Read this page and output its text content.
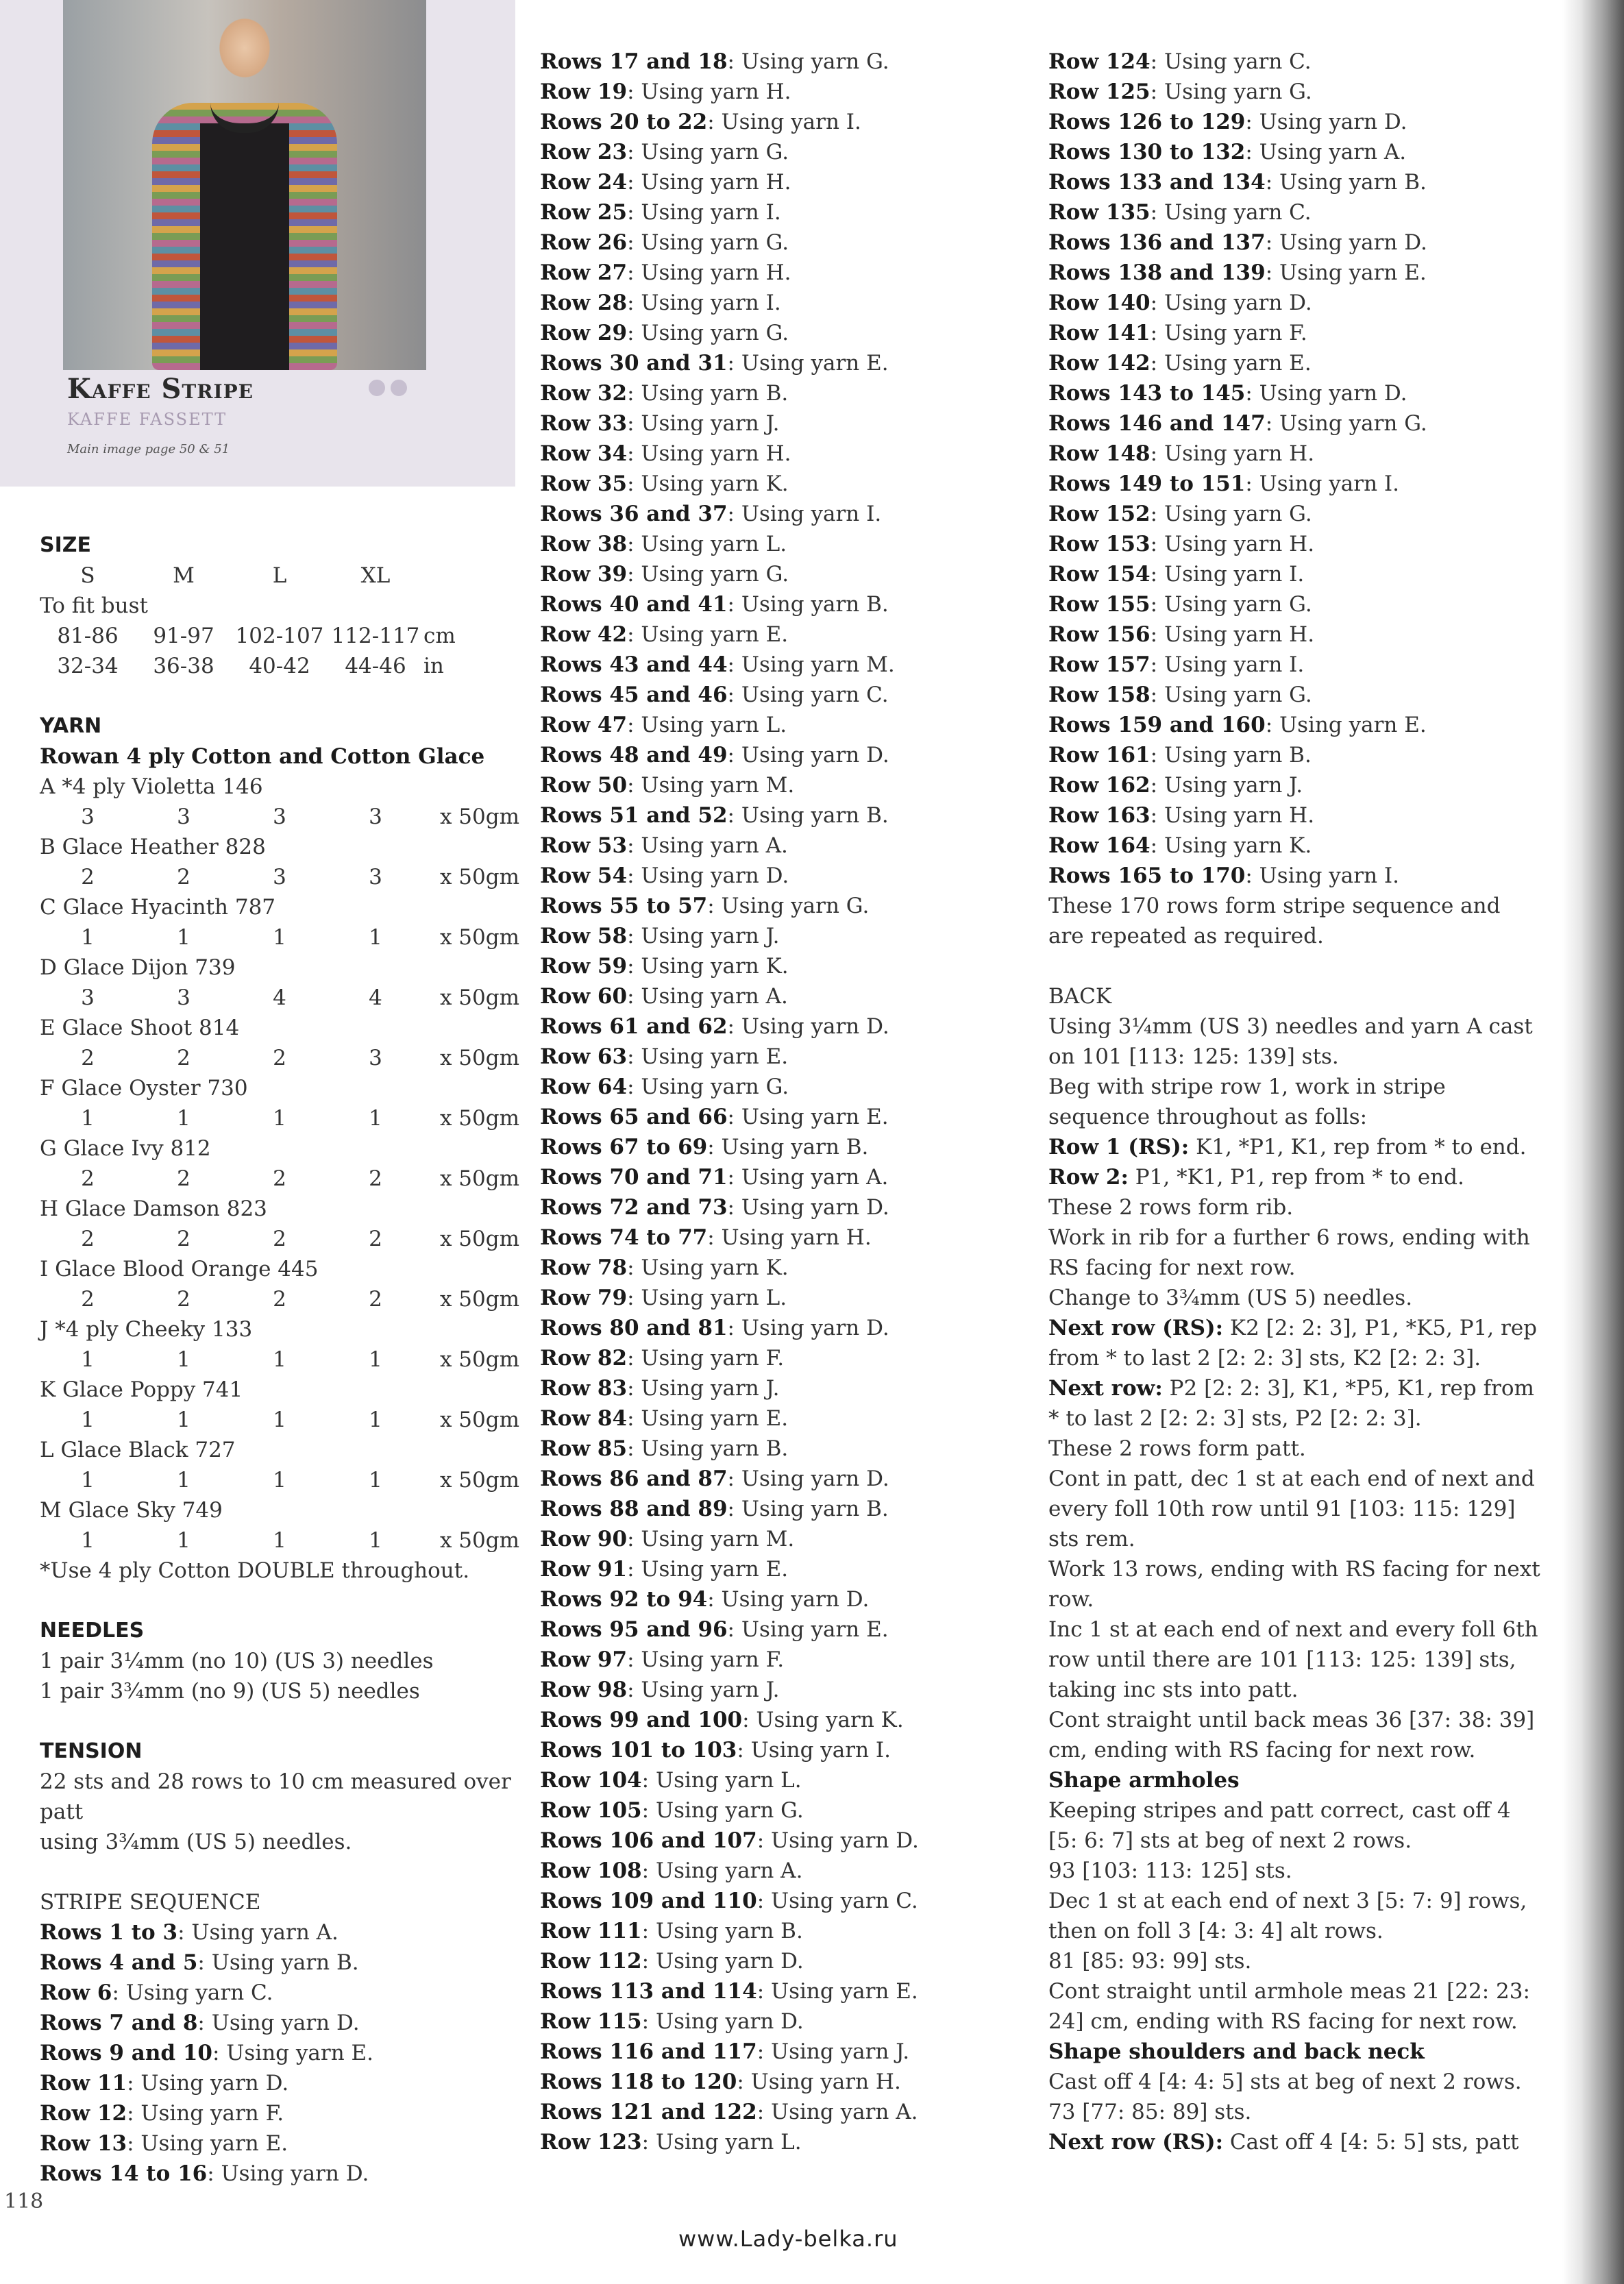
Kaffe Stripe
KAFFE FASSETT
Main image page 50 & 51

SIZE

S	M	L	XL

To fit bust

81-86	91-97 102-107 112-117 cm
32-34	36-38	40-42	44-46 in

YARN

Rowan 4 ply Cotton and Cotton Glace

A *4 ply Violetta 146

3	3	3	3	x 50gm

B Glace Heather 828

2	2	3	3	x 50gm

C Glace Hyacinth 787

1	1	1	1	x 50gm

D Glace Dijon 739

3	3	4	4	x 50gm

E Glace Shoot 814

2	2	2	3	x 50gm

F Glace Oyster 730

1	1	1	1	x 50gm

G Glace Ivy 812

2	2	2	2	x 50gm

H Glace Damson 823

2	2	2	2	x 50gm

I Glace Blood Orange 445

2	2	2	2	x 50gm

J *4 ply Cheeky 133

1	1	1	1	x 50gm

K Glace Poppy 741

1	1	1	1	x 50gm

L Glace Black 727

1	1	1	1	x 50gm

M Glace Sky 749

1	1	1	1	x 50gm

*Use 4 ply Cotton DOUBLE throughout.

NEEDLES

1 pair 3¼mm (no 10) (US 3) needles

1 pair 3¾mm (no 9) (US 5) needles

TENSION

22 sts and 28 rows to 10 cm measured over patt

using 3¾mm (US 5) needles.

STRIPE SEQUENCE

Rows 1 to 3: Using yarn A.

Rows 4 and 5: Using yarn B.

Row 6: Using yarn C.

Rows 7 and 8: Using yarn D.

Rows 9 and 10: Using yarn E.

Row 11: Using yarn D.

Row 12: Using yarn F.

Row 13: Using yarn E.

Rows 14 to 16: Using yarn D.

Rows 17 and 18: Using yarn G.

Row 19: Using yarn H.

Rows 20 to 22: Using yarn I.

Row 23: Using yarn G.

Row 24: Using yarn H.

Row 25: Using yarn I.

Row 26: Using yarn G.

Row 27: Using yarn H.

Row 28: Using yarn I.

Row 29: Using yarn G.

Rows 30 and 31: Using yarn E.

Row 32: Using yarn B.

Row 33: Using yarn J.

Row 34: Using yarn H.

Row 35: Using yarn K.

Rows 36 and 37: Using yarn I.

Row 38: Using yarn L.

Row 39: Using yarn G.

Rows 40 and 41: Using yarn B.

Row 42: Using yarn E.

Rows 43 and 44: Using yarn M.

Rows 45 and 46: Using yarn C.

Row 47: Using yarn L.

Rows 48 and 49: Using yarn D.

Row 50: Using yarn M.

Rows 51 and 52: Using yarn B.

Row 53: Using yarn A.

Row 54: Using yarn D.

Rows 55 to 57: Using yarn G.

Row 58: Using yarn J.

Row 59: Using yarn K.

Row 60: Using yarn A.

Rows 61 and 62: Using yarn D.

Row 63: Using yarn E.

Row 64: Using yarn G.

Rows 65 and 66: Using yarn E.

Rows 67 to 69: Using yarn B.

Rows 70 and 71: Using yarn A.

Rows 72 and 73: Using yarn D.

Rows 74 to 77: Using yarn H.

Row 78: Using yarn K.

Row 79: Using yarn L.

Rows 80 and 81: Using yarn D.

Row 82: Using yarn F.

Row 83: Using yarn J.

Row 84: Using yarn E.

Row 85: Using yarn B.

Rows 86 and 87: Using yarn D.

Rows 88 and 89: Using yarn B.

Row 90: Using yarn M.

Row 91: Using yarn E.

Rows 92 to 94: Using yarn D.

Rows 95 and 96: Using yarn E.

Row 97: Using yarn F.

Row 98: Using yarn J.

Rows 99 and 100: Using yarn K.

Rows 101 to 103: Using yarn I.

Row 104: Using yarn L.

Row 105: Using yarn G.

Rows 106 and 107: Using yarn D.

Row 108: Using yarn A.

Rows 109 and 110: Using yarn C.

Row 111: Using yarn B.

Row 112: Using yarn D.

Rows 113 and 114: Using yarn E.

Row 115: Using yarn D.

Rows 116 and 117: Using yarn J.

Rows 118 to 120: Using yarn H.

Rows 121 and 122: Using yarn A.

Row 123: Using yarn L.

Row 124: Using yarn C.

Row 125: Using yarn G.

Rows 126 to 129: Using yarn D.

Rows 130 to 132: Using yarn A.

Rows 133 and 134: Using yarn B.

Row 135: Using yarn C.

Rows 136 and 137: Using yarn D.

Rows 138 and 139: Using yarn E.

Row 140: Using yarn D.

Row 141: Using yarn F.

Row 142: Using yarn E.

Rows 143 to 145: Using yarn D.

Rows 146 and 147: Using yarn G.

Row 148: Using yarn H.

Rows 149 to 151: Using yarn I.

Row 152: Using yarn G.

Row 153: Using yarn H.

Row 154: Using yarn I.

Row 155: Using yarn G.

Row 156: Using yarn H.

Row 157: Using yarn I.

Row 158: Using yarn G.

Rows 159 and 160: Using yarn E.

Row 161: Using yarn B.

Row 162: Using yarn J.

Row 163: Using yarn H.

Row 164: Using yarn K.

Rows 165 to 170: Using yarn I.

These 170 rows form stripe sequence and are repeated as required.

BACK

Using 3¼mm (US 3) needles and yarn A cast on 101 [113: 125: 139] sts.

Beg with stripe row 1, work in stripe sequence throughout as folls:

Row 1 (RS): K1, *P1, K1, rep from * to end.

Row 2: P1, *K1, P1, rep from * to end.

These 2 rows form rib.

Work in rib for a further 6 rows, ending with RS facing for next row.

Change to 3¾mm (US 5) needles.

Next row (RS): K2 [2: 2: 3], P1, *K5, P1, rep from * to last 2 [2: 2: 3] sts, K2 [2: 2: 3].

Next row: P2 [2: 2: 3], K1, *P5, K1, rep from * to last 2 [2: 2: 3] sts, P2 [2: 2: 3].

These 2 rows form patt.

Cont in patt, dec 1 st at each end of next and every foll 10th row until 91 [103: 115: 129] sts rem.

Work 13 rows, ending with RS facing for next row.

Inc 1 st at each end of next and every foll 6th row until there are 101 [113: 125: 139] sts, taking inc sts into patt.

Cont straight until back meas 36 [37: 38: 39] cm, ending with RS facing for next row.

Shape armholes

Keeping stripes and patt correct, cast off 4 [5: 6: 7] sts at beg of next 2 rows.

93 [103: 113: 125] sts.

Dec 1 st at each end of next 3 [5: 7: 9] rows, then on foll 3 [4: 3: 4] alt rows.

81 [85: 93: 99] sts.

Cont straight until armhole meas 21 [22: 23: 24] cm, ending with RS facing for next row.

Shape shoulders and back neck

Cast off 4 [4: 4: 5] sts at beg of next 2 rows.

73 [77: 85: 89] sts.

Next row (RS): Cast off 4 [4: 5: 5] sts, patt

118
www.Lady-belka.ru
